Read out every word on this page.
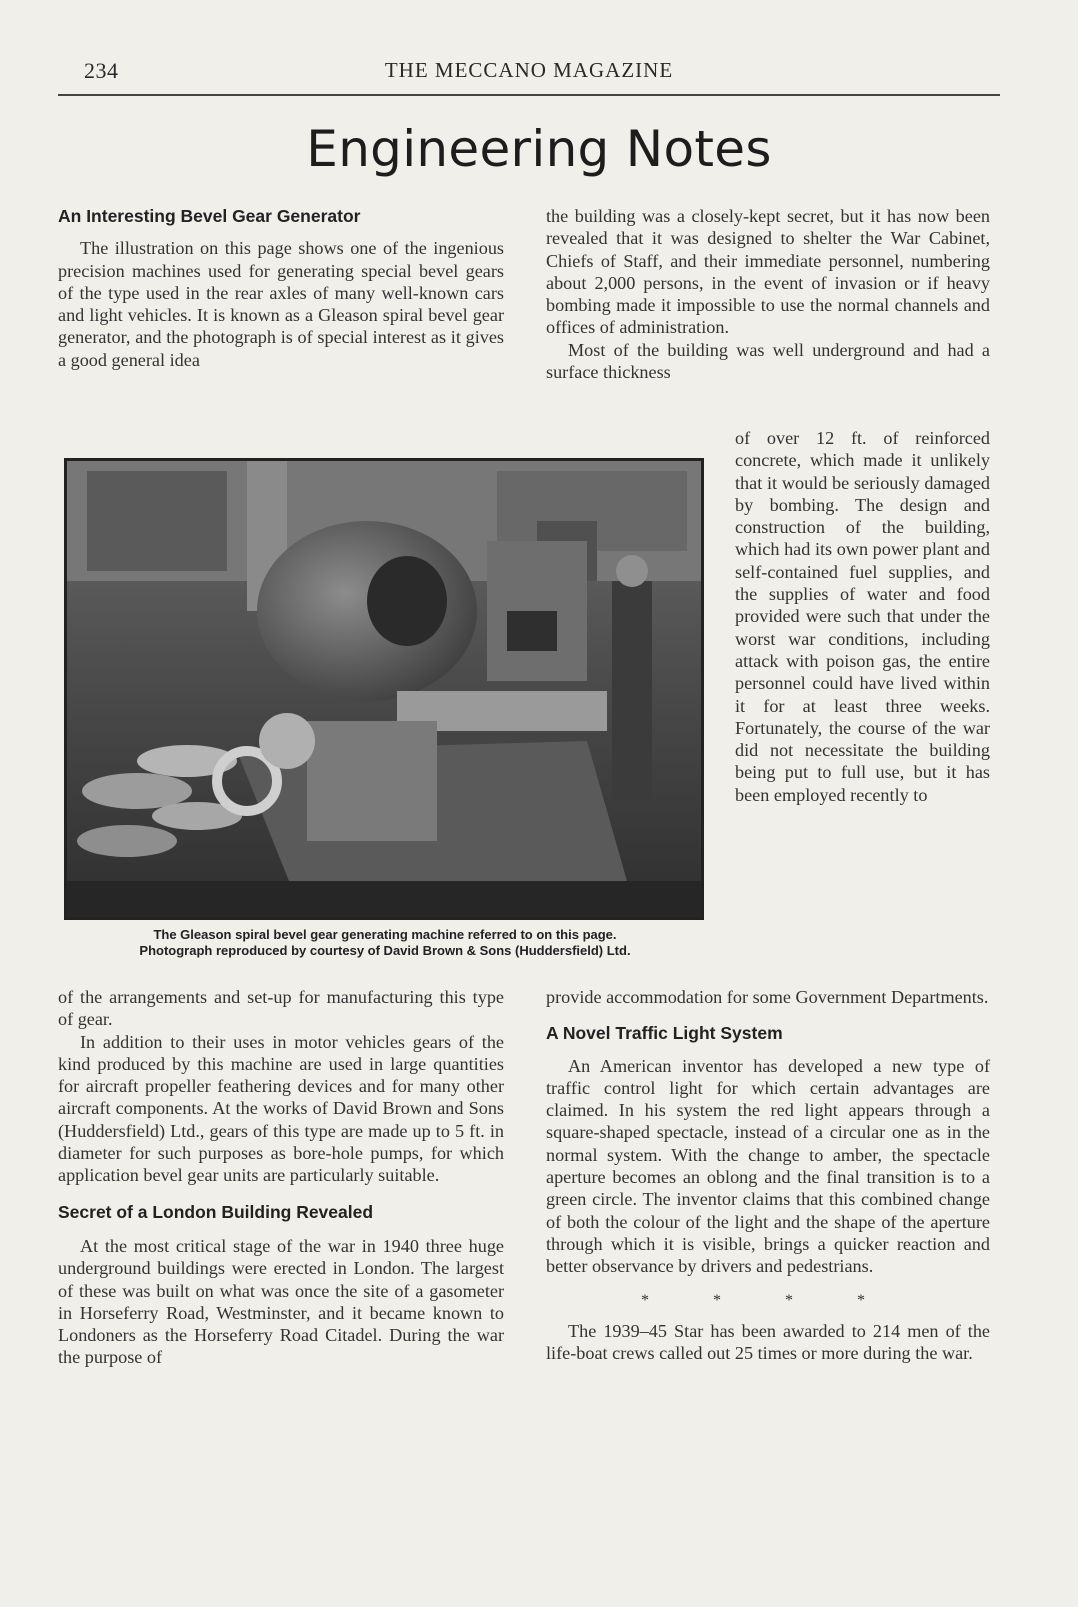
234	THE MECCANO MAGAZINE
Engineering Notes

An Interesting Bevel Gear Generator

The illustration on this page shows one of the ingenious precision machines used for generating special bevel gears of the type used in the rear axles of many well-known cars and light vehicles. It is known as a Gleason spiral bevel gear generator, and the photograph is of special interest as it gives a good general idea

the building was a closely-kept secret, but it has now been revealed that it was designed to shelter the War Cabinet, Chiefs of Staff, and their immediate personnel, numbering about 2,000 persons, in the event of invasion or if heavy bombing made it impossible to use the normal channels and offices of administration.

Most of the building was well underground and had a surface thickness

of over 12 ft. of reinforced concrete, which made it unlikely that it would be seriously damaged by bombing. The design and construction of the building, which had its own power plant and self-contained fuel supplies, and the supplies of water and food provided were such that under the worst war conditions, including attack with poison gas, the entire personnel could have lived within it for at least three weeks. Fortunately, the course of the war did not necessitate the building being put to full use, but it has been employed recently to

The Gleason spiral bevel gear generating machine referred to on this page.
Photograph reproduced by courtesy of David Brown & Sons (Huddersfield) Ltd.

of the arrangements and set-up for manufacturing this type of gear.

In addition to their uses in motor vehicles gears of the kind produced by this machine are used in large quantities for aircraft propeller feathering devices and for many other aircraft components. At the works of David Brown and Sons (Huddersfield) Ltd., gears of this type are made up to 5 ft. in diameter for such purposes as bore-hole pumps, for which application bevel gear units are particularly suitable.

Secret of a London Building Revealed

At the most critical stage of the war in 1940 three huge underground buildings were erected in London. The largest of these was built on what was once the site of a gasometer in Horseferry Road, Westminster, and it became known to Londoners as the Horseferry Road Citadel. During the war the purpose of

provide accommodation for some Government Departments.

A Novel Traffic Light System

An American inventor has developed a new type of traffic control light for which certain advantages are claimed. In his system the red light appears through a square-shaped spectacle, instead of a circular one as in the normal system. With the change to amber, the spectacle aperture becomes an oblong and the final transition is to a green circle. The inventor claims that this combined change of both the colour of the light and the shape of the aperture through which it is visible, brings a quicker reaction and better observance by drivers and pedestrians.

* * * *

The 1939–45 Star has been awarded to 214 men of the life-boat crews called out 25 times or more during the war.
